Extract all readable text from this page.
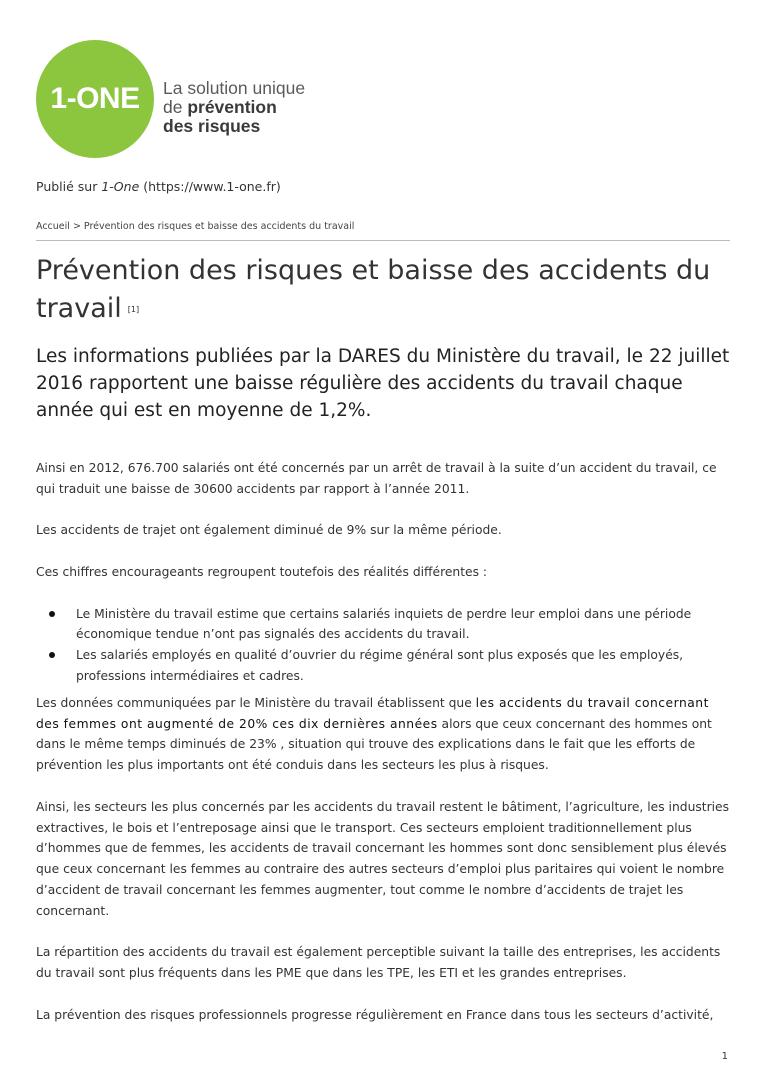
1-ONE	La solution unique
de prévention
des risques
Publié sur 1-One (https://www.1-one.fr)
Accueil > Prévention des risques et baisse des accidents du travail
Prévention des risques et baisse des accidents du travail [1]

Les informations publiées par la DARES du Ministère du travail, le 22 juillet 2016 rapportent une baisse régulière des accidents du travail chaque année qui est en moyenne de 1,2%.

Ainsi en 2012, 676.700 salariés ont été concernés par un arrêt de travail à la suite d’un accident du travail, ce qui traduit une baisse de 30600 accidents par rapport à l’année 2011.

Les accidents de trajet ont également diminué de 9% sur la même période.

Ces chiffres encourageants regroupent toutefois des réalités différentes :

Le Ministère du travail estime que certains salariés inquiets de perdre leur emploi dans une période économique tendue n’ont pas signalés des accidents du travail.
Les salariés employés en qualité d’ouvrier du régime général sont plus exposés que les employés, professions intermédiaires et cadres.

Les données communiquées par le Ministère du travail établissent que les accidents du travail concernant des femmes ont augmenté de 20% ces dix dernières années alors que ceux concernant des hommes ont dans le même temps diminués de 23% , situation qui trouve des explications dans le fait que les efforts de prévention les plus importants ont été conduis dans les secteurs les plus à risques.

Ainsi, les secteurs les plus concernés par les accidents du travail restent le bâtiment, l’agriculture, les industries extractives, le bois et l’entreposage ainsi que le transport. Ces secteurs emploient traditionnellement plus d’hommes que de femmes, les accidents de travail concernant les hommes sont donc sensiblement plus élevés que ceux concernant les femmes au contraire des autres secteurs d’emploi plus paritaires qui voient le nombre d’accident de travail concernant les femmes augmenter, tout comme le nombre d’accidents de trajet les concernant.

La répartition des accidents du travail est également perceptible suivant la taille des entreprises, les accidents du travail sont plus fréquents dans les PME que dans les TPE, les ETI et les grandes entreprises.

La prévention des risques professionnels progresse régulièrement en France dans tous les secteurs d’activité,

1
